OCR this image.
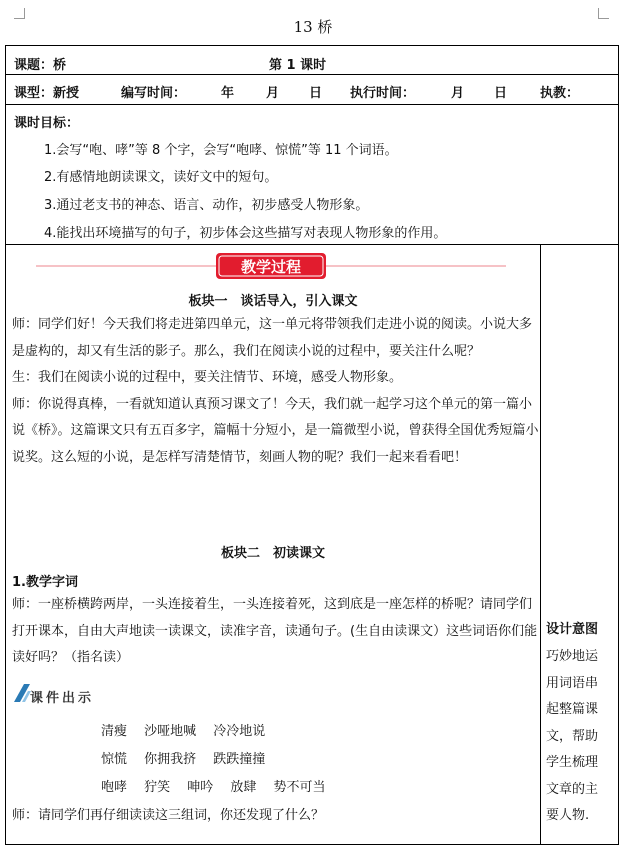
13 桥
课题：桥	第 1 课时
课型：新授	编写时间：	年 月 日 执行时间：	月 日	执教：
课时目标：
1.会写“咆、哮”等 8 个字，会写“咆哮、惊慌”等 11 个词语。
2.有感情地朗读课文，读好文中的短句。
3.通过老支书的神态、语言、动作，初步感受人物形象。
4.能找出环境描写的句子，初步体会这些描写对表现人物形象的作用。
教学过程
板块一　谈话导入，引入课文

师：同学们好！今天我们将走进第四单元，这一单元将带领我们走进小说的阅读。小说大多是虚构的，却又有生活的影子。那么，我们在阅读小说的过程中，要关注什么呢？

生：我们在阅读小说的过程中，要关注情节、环境，感受人物形象。

师：你说得真棒，一看就知道认真预习课文了！今天，我们就一起学习这个单元的第一篇小说《桥》。这篇课文只有五百多字，篇幅十分短小，是一篇微型小说，曾获得全国优秀短篇小说奖。这么短的小说，是怎样写清楚情节，刻画人物的呢？我们一起来看看吧！

板块二　初读课文
1.教学字词

师：一座桥横跨两岸，一头连接着生，一头连接着死，这到底是一座怎样的桥呢？请同学们打开课本，自由大声地读一读课文，读准字音，读通句子。(生自由读课文）这些词语你们能读好吗？（指名读）

课件出示
清瘦　 沙哑地喊　 冷冷地说
惊慌　 你拥我挤　 跌跌撞撞
咆哮　 狞笑　 呻吟　 放肆　 势不可当
师：请同学们再仔细读读这三组词，你还发现了什么？
设计意图
巧妙地运
用词语串
起整篇课
文，帮助
学生梳理
文章的主
要人物.
